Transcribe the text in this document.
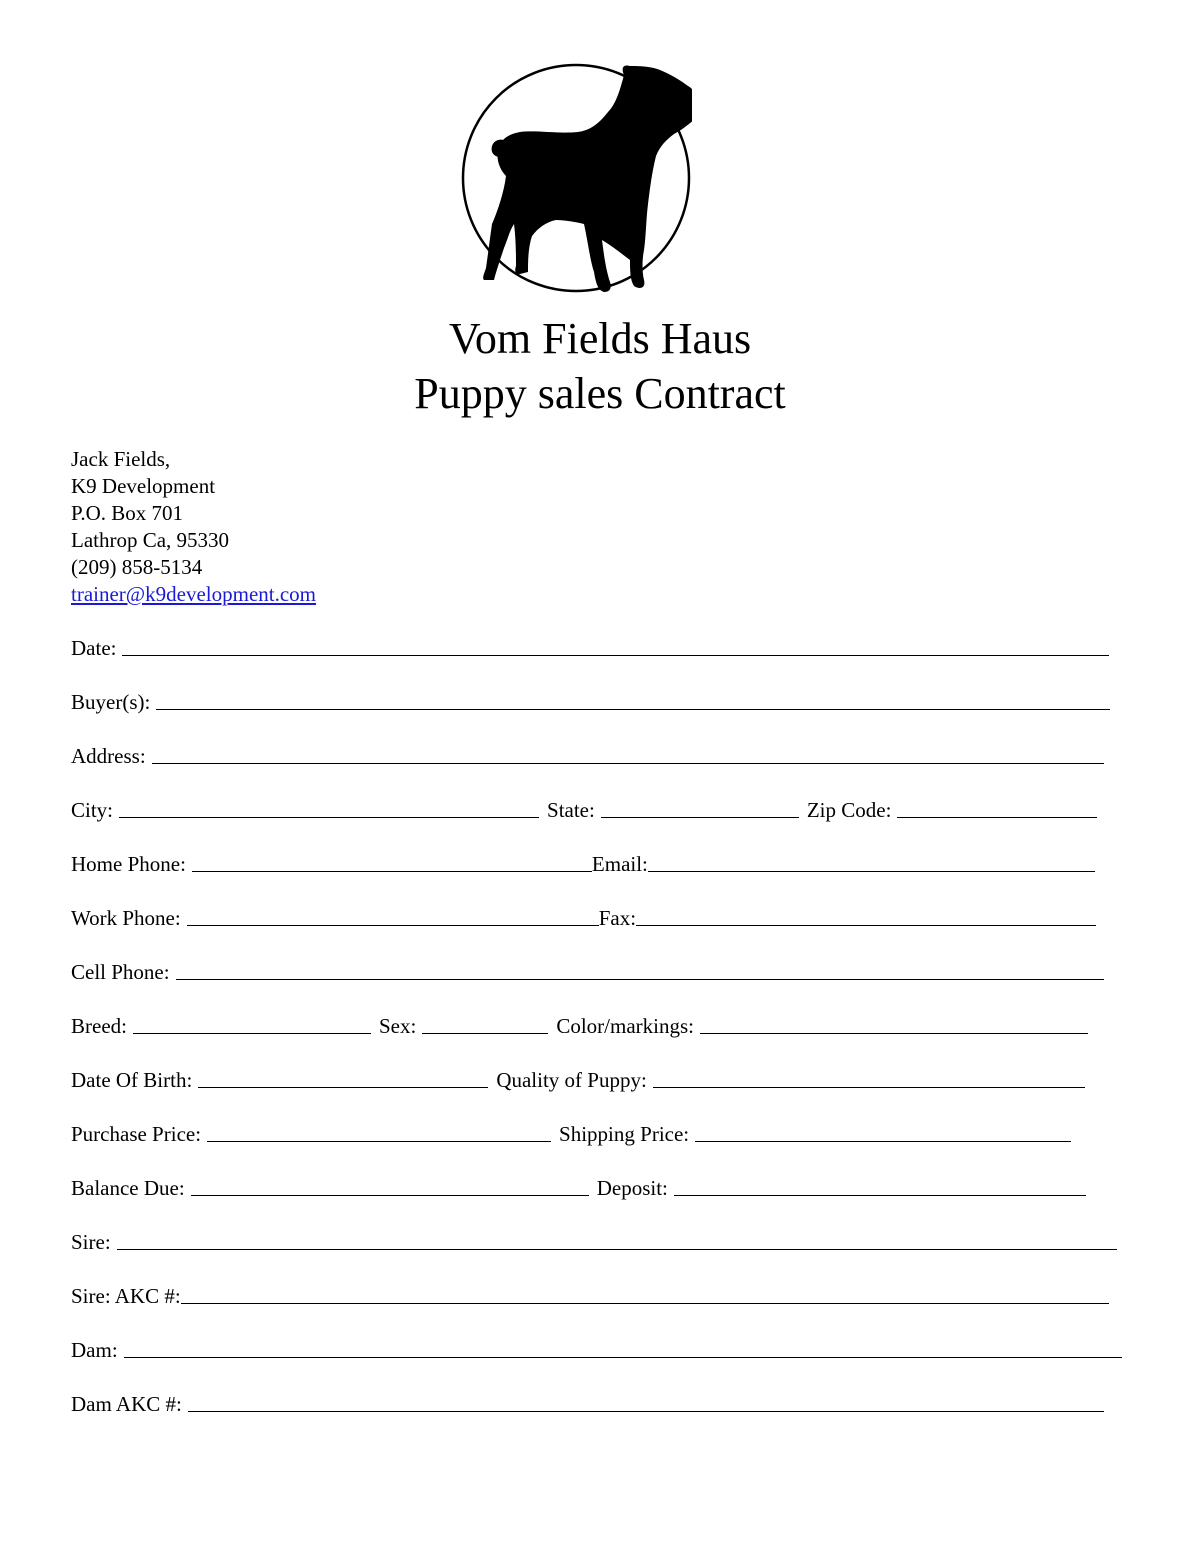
Vom Fields Haus
Puppy sales Contract
Jack Fields,
K9 Development
P.O. Box 701
Lathrop Ca, 95330
(209) 858-5134
trainer@k9development.com
Date:
Buyer(s):
Address:
City:	State:	Zip Code:
Home Phone:	Email:
Work Phone:	Fax:
Cell Phone:
Breed:	Sex:	Color/markings:
Date Of Birth:	Quality of Puppy:
Purchase Price:	Shipping Price:
Balance Due:	Deposit:
Sire:
Sire: AKC #:
Dam:
Dam AKC #:
